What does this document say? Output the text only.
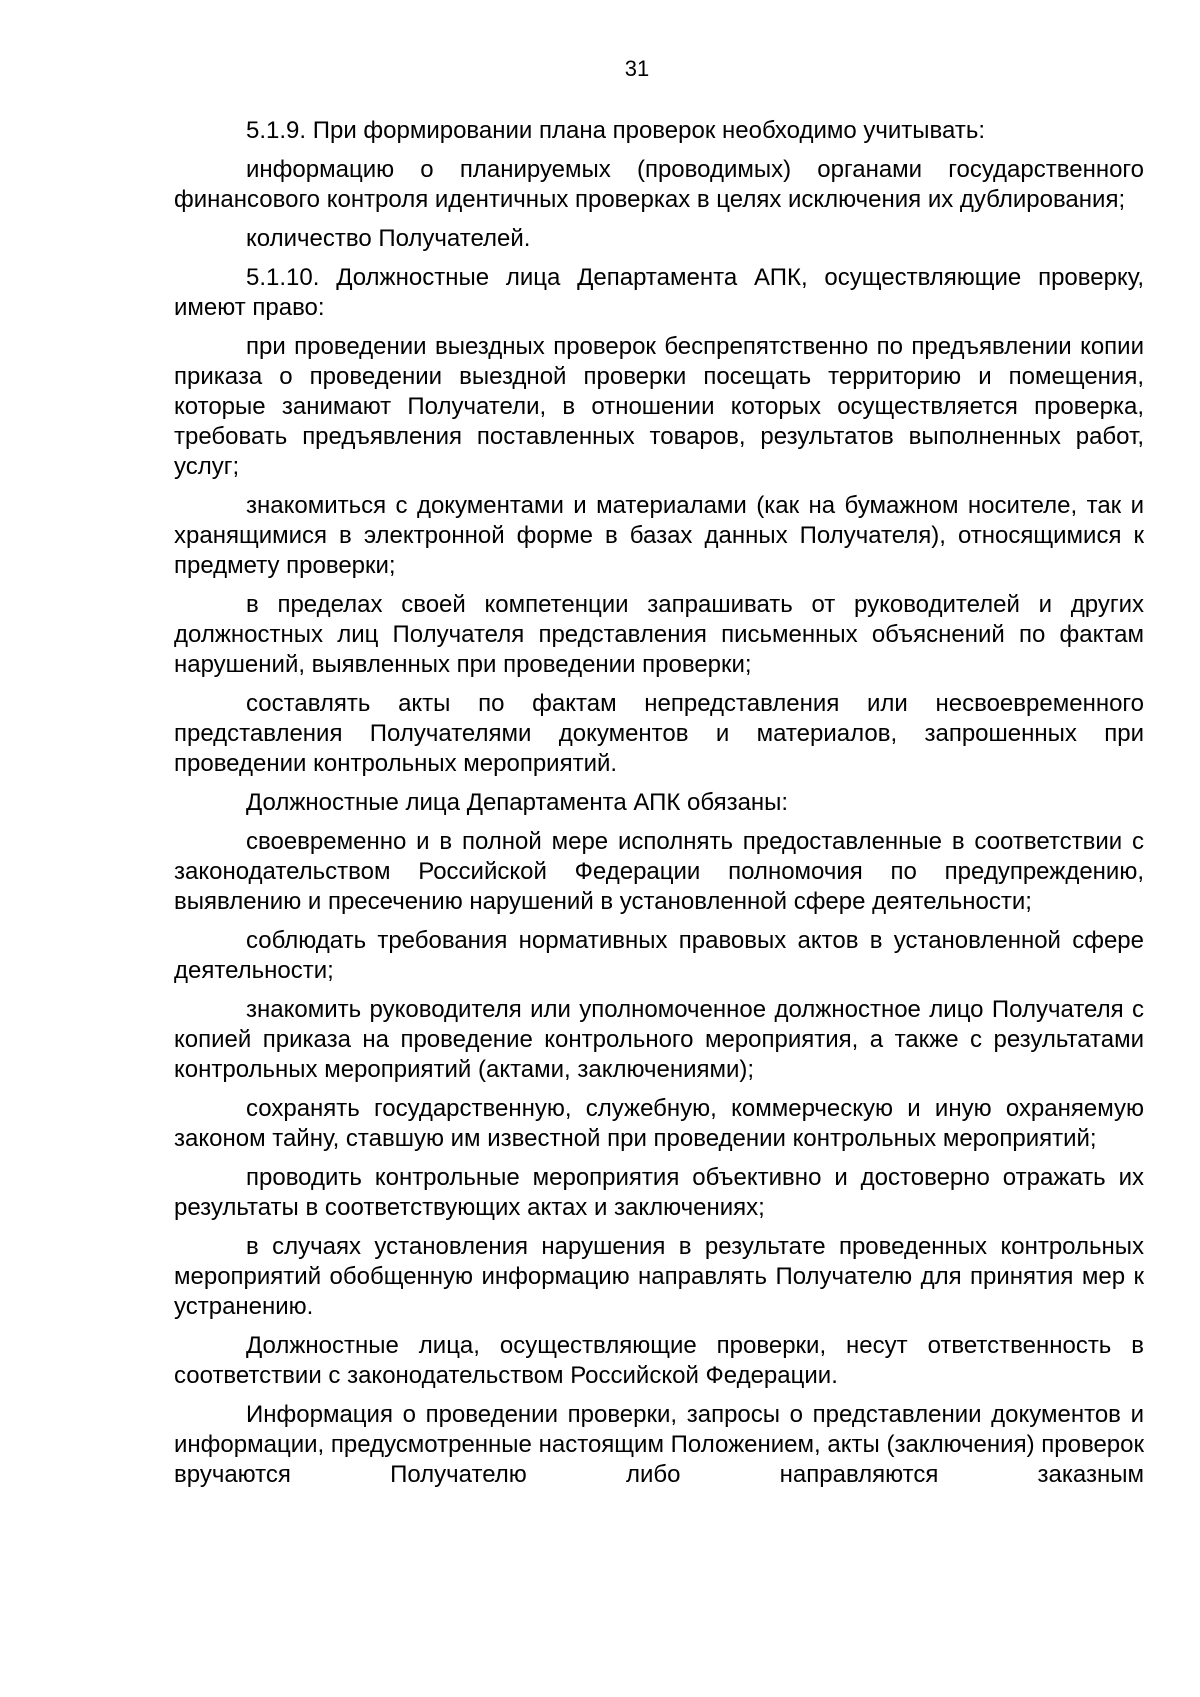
31

5.1.9. При формировании плана проверок необходимо учитывать:

информацию о планируемых (проводимых) органами государственного финансового контроля идентичных проверках в целях исключения их дублирования;

количество Получателей.

5.1.10. Должностные лица Департамента АПК, осуществляющие проверку, имеют право:

при проведении выездных проверок беспрепятственно по предъявлении копии приказа о проведении выездной проверки посещать территорию и помещения, которые занимают Получатели, в отношении которых осуществляется проверка, требовать предъявления поставленных товаров, результатов выполненных работ, услуг;

знакомиться с документами и материалами (как на бумажном носителе, так и хранящимися в электронной форме в базах данных Получателя), относящимися к предмету проверки;

в пределах своей компетенции запрашивать от руководителей и других должностных лиц Получателя представления письменных объяснений по фактам нарушений, выявленных при проведении проверки;

составлять акты по фактам непредставления или несвоевременного представления Получателями документов и материалов, запрошенных при проведении контрольных мероприятий.

Должностные лица Департамента АПК обязаны:

своевременно и в полной мере исполнять предоставленные в соответствии с законодательством Российской Федерации полномочия по предупреждению, выявлению и пресечению нарушений в установленной сфере деятельности;

соблюдать требования нормативных правовых актов в установленной сфере деятельности;

знакомить руководителя или уполномоченное должностное лицо Получателя с копией приказа на проведение контрольного мероприятия, а также с результатами контрольных мероприятий (актами, заключениями);

сохранять государственную, служебную, коммерческую и иную охраняемую законом тайну, ставшую им известной при проведении контрольных мероприятий;

проводить контрольные мероприятия объективно и достоверно отражать их результаты в соответствующих актах и заключениях;

в случаях установления нарушения в результате проведенных контрольных мероприятий обобщенную информацию направлять Получателю для принятия мер к устранению.

Должностные лица, осуществляющие проверки, несут ответственность в соответствии с законодательством Российской Федерации.

Информация о проведении проверки, запросы о представлении документов и информации, предусмотренные настоящим Положением, акты (заключения) проверок вручаются Получателю либо направляются заказным
